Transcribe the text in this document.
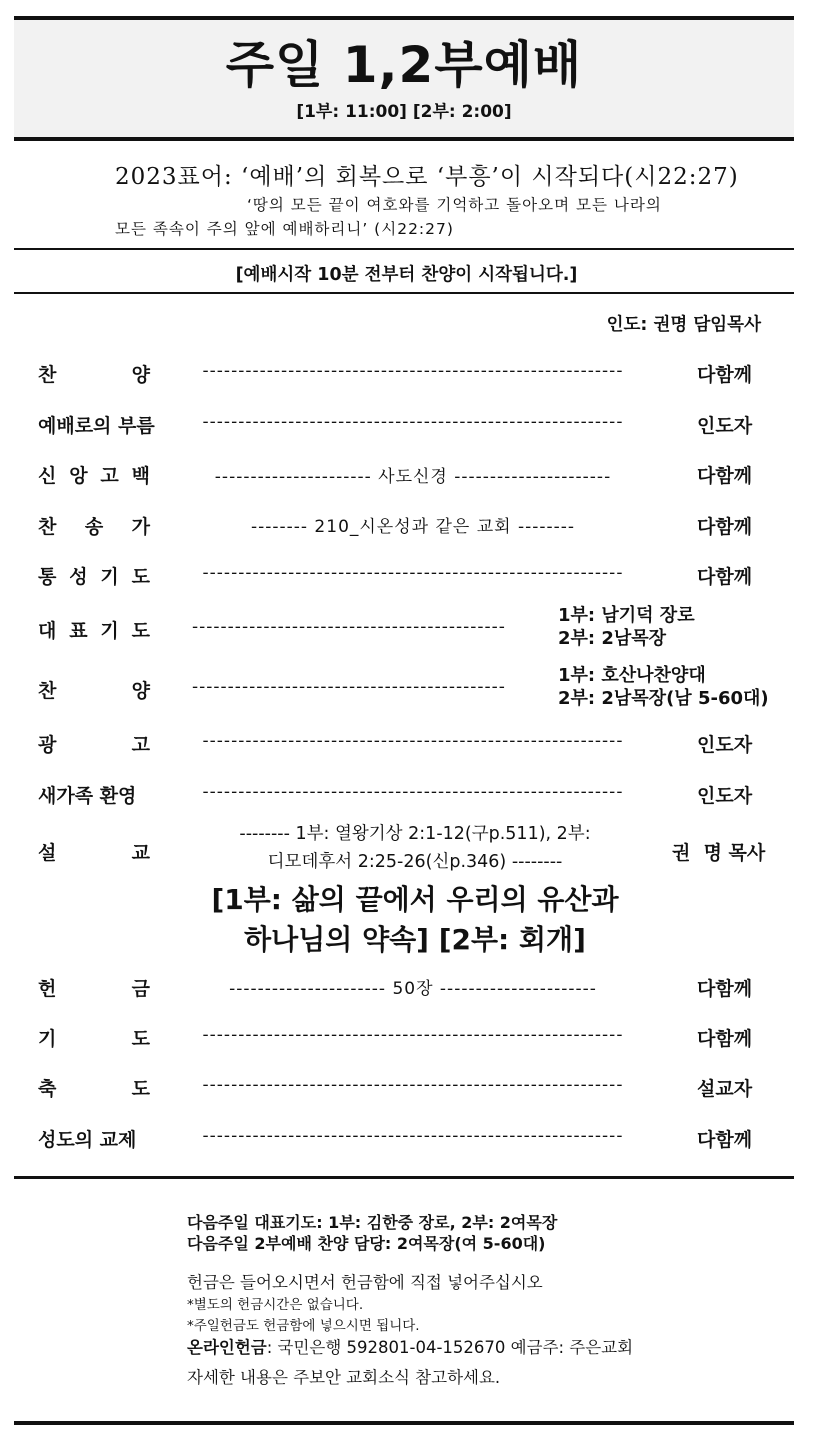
주일 1,2부예배
[1부: 11:00] [2부: 2:00]
2023표어: ‘예배’의 회복으로 ‘부흥’이 시작되다(시22:27)
‘땅의 모든 끝이 여호와를 기억하고 돌아오며 모든 나라의
모든 족속이 주의 앞에 예배하리니’ (시22:27)
[예배시작 10분 전부터 찬양이 시작됩니다.]
인도: 권명 담임목사
찬	양	-----------------------------------------------------------	다함께
예배로의 부름	-----------------------------------------------------------	인도자
신 앙 고 백	---------------------- 사도신경 ----------------------	다함께
찬 송 가	-------- 210_시온성과 같은 교회 --------	다함께
통 성 기 도	-----------------------------------------------------------	다함께
대 표 기 도 --------------------------------------------
1부: 남기덕 장로
2부: 2남목장
찬	양 --------------------------------------------
1부: 호산나찬양대
2부: 2남목장(남 5-60대)
광	고	-----------------------------------------------------------	인도자
새가족 환영	-----------------------------------------------------------	인도자
설	교
-------- 1부: 열왕기상 2:1-12(구p.511), 2부:
디모데후서 2:25-26(신p.346) --------	권  명 목사
[1부: 삶의 끝에서 우리의 유산과
하나님의 약속] [2부: 회개]
헌	금	---------------------- 50장 ----------------------	다함께
기	도	-----------------------------------------------------------	다함께
축	도	-----------------------------------------------------------	설교자
성도의 교제	-----------------------------------------------------------	다함께
다음주일 대표기도: 1부: 김한중 장로, 2부: 2여목장
다음주일 2부예배 찬양 담당: 2여목장(여 5-60대)
헌금은 들어오시면서 헌금함에 직접 넣어주십시오
*별도의 헌금시간은 없습니다.
*주일헌금도 헌금함에 넣으시면 됩니다.
온라인헌금: 국민은행 592801-04-152670 예금주: 주은교회
자세한 내용은 주보안 교회소식 참고하세요.
